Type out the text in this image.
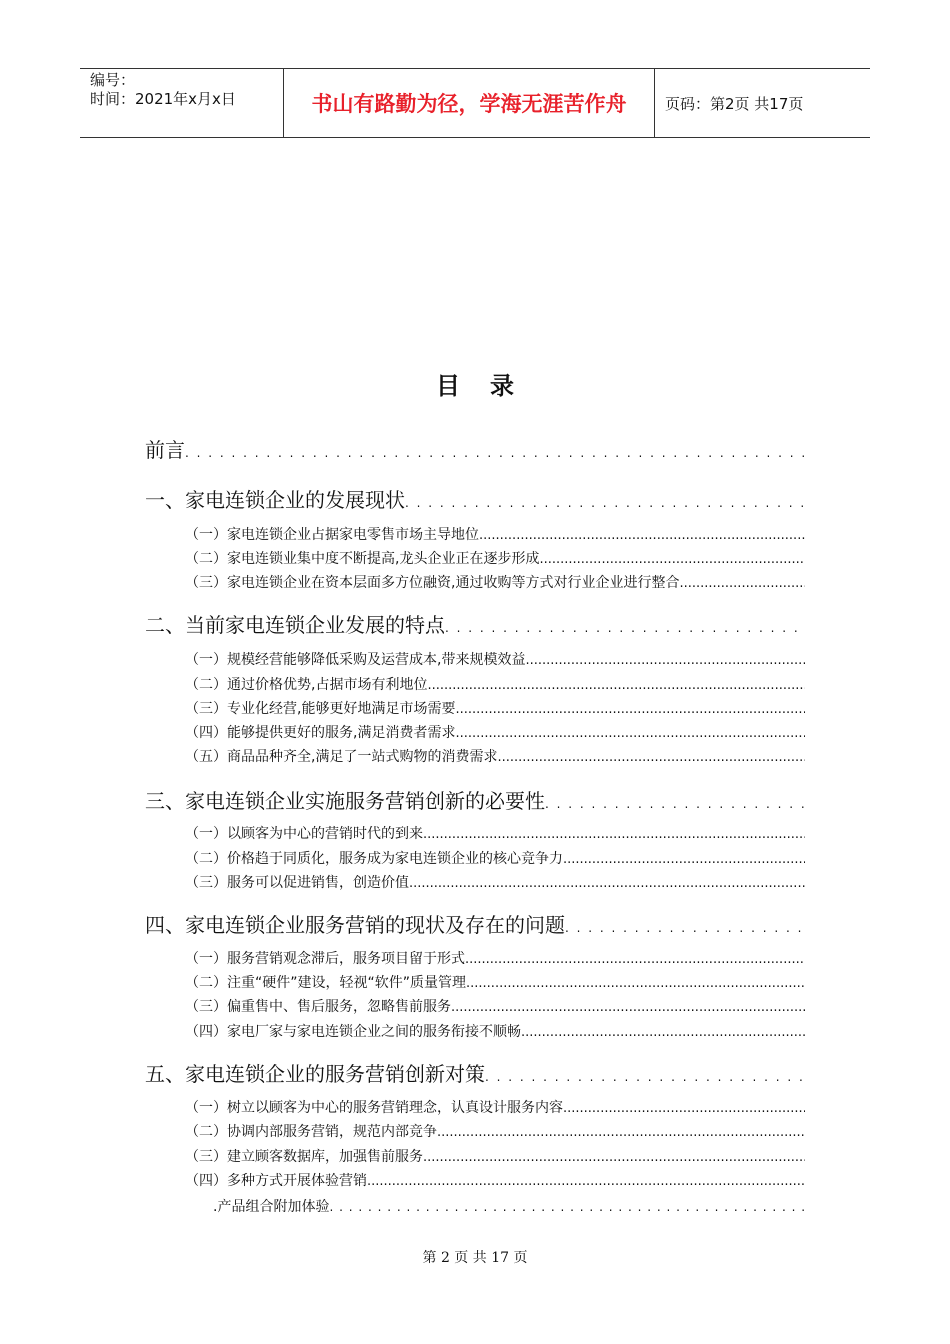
编号：
时间：2021年x月x日	书山有路勤为径，学海无涯苦作舟	页码：第2页 共17页
目录
前言
. . .
一、家电连锁企业的发展现状
. . .
（一）家电连锁企业占据家电零售市场主导地位
.....
（二）家电连锁业集中度不断提高,龙头企业正在逐步形成
.....
（三）家电连锁企业在资本层面多方位融资,通过收购等方式对行业企业进行整合
.....
二、当前家电连锁企业发展的特点
. . .
（一）规模经营能够降低采购及运营成本,带来规模效益
.....
（二）通过价格优势,占据市场有利地位
.....
（三）专业化经营,能够更好地满足市场需要
.....
（四）能够提供更好的服务,满足消费者需求
.....
（五）商品品种齐全,满足了一站式购物的消费需求
.....
三、家电连锁企业实施服务营销创新的必要性
. . .
（一）以顾客为中心的营销时代的到来
.....
（二）价格趋于同质化，服务成为家电连锁企业的核心竞争力
.....
（三）服务可以促进销售，创造价值
.....
四、家电连锁企业服务营销的现状及存在的问题
. . .
（一）服务营销观念滞后，服务项目留于形式
.....
（二）注重“硬件”建设，轻视“软件”质量管理
.....
（三）偏重售中、售后服务，忽略售前服务
.....
（四）家电厂家与家电连锁企业之间的服务衔接不顺畅
.....
五、家电连锁企业的服务营销创新对策
. . .
（一）树立以顾客为中心的服务营销理念，认真设计服务内容
.....
（二）协调内部服务营销，规范内部竞争
.....
（三）建立顾客数据库，加强售前服务
.....
（四）多种方式开展体验营销
.....
.产品组合附加体验
. . .
第 2 页 共 17 页
